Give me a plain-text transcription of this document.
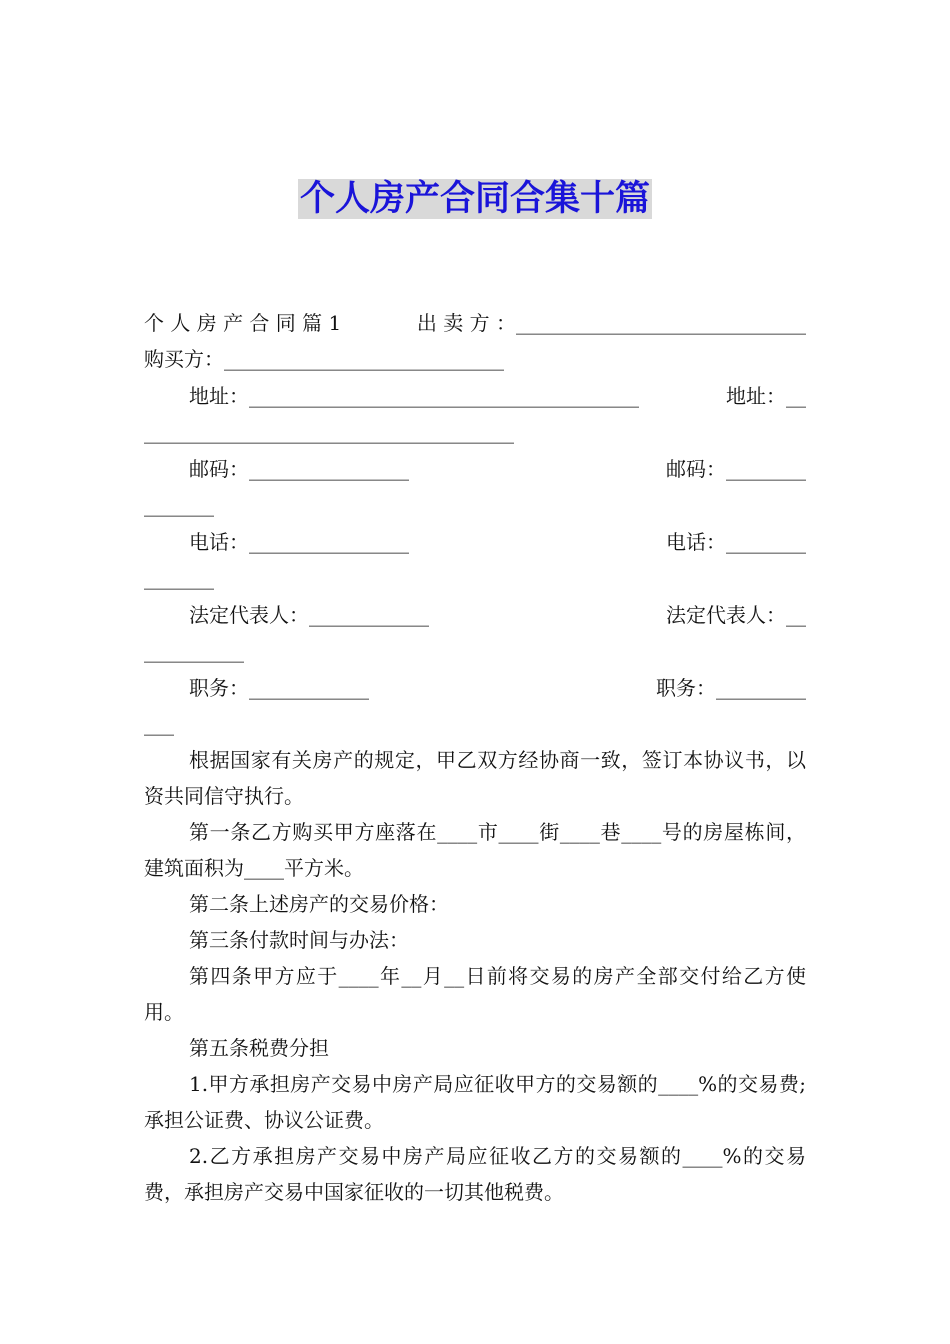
个人房产合同合集十篇
个 人 房 产 合 同 篇 1	出 卖 方 ：_____________________________
购买方：____________________________
地址：_______________________________________	地址：__
_____________________________________
邮码：________________	邮码：________
_______
电话：________________	电话：________
_______
法定代表人：____________	法定代表人：__
__________
职务：____________	职务：_________
___

根据国家有关房产的规定，甲乙双方经协商一致，签订本协议书，以资共同信守执行。

第一条乙方购买甲方座落在____市____街____巷____号的房屋栋间，建筑面积为____平方米。

第二条上述房产的交易价格：

第三条付款时间与办法：

第四条甲方应于____年__月__日前将交易的房产全部交付给乙方使用。

第五条税费分担

1.甲方承担房产交易中房产局应征收甲方的交易额的____%的交易费;承担公证费、协议公证费。

2.乙方承担房产交易中房产局应征收乙方的交易额的____%的交易费，承担房产交易中国家征收的一切其他税费。
